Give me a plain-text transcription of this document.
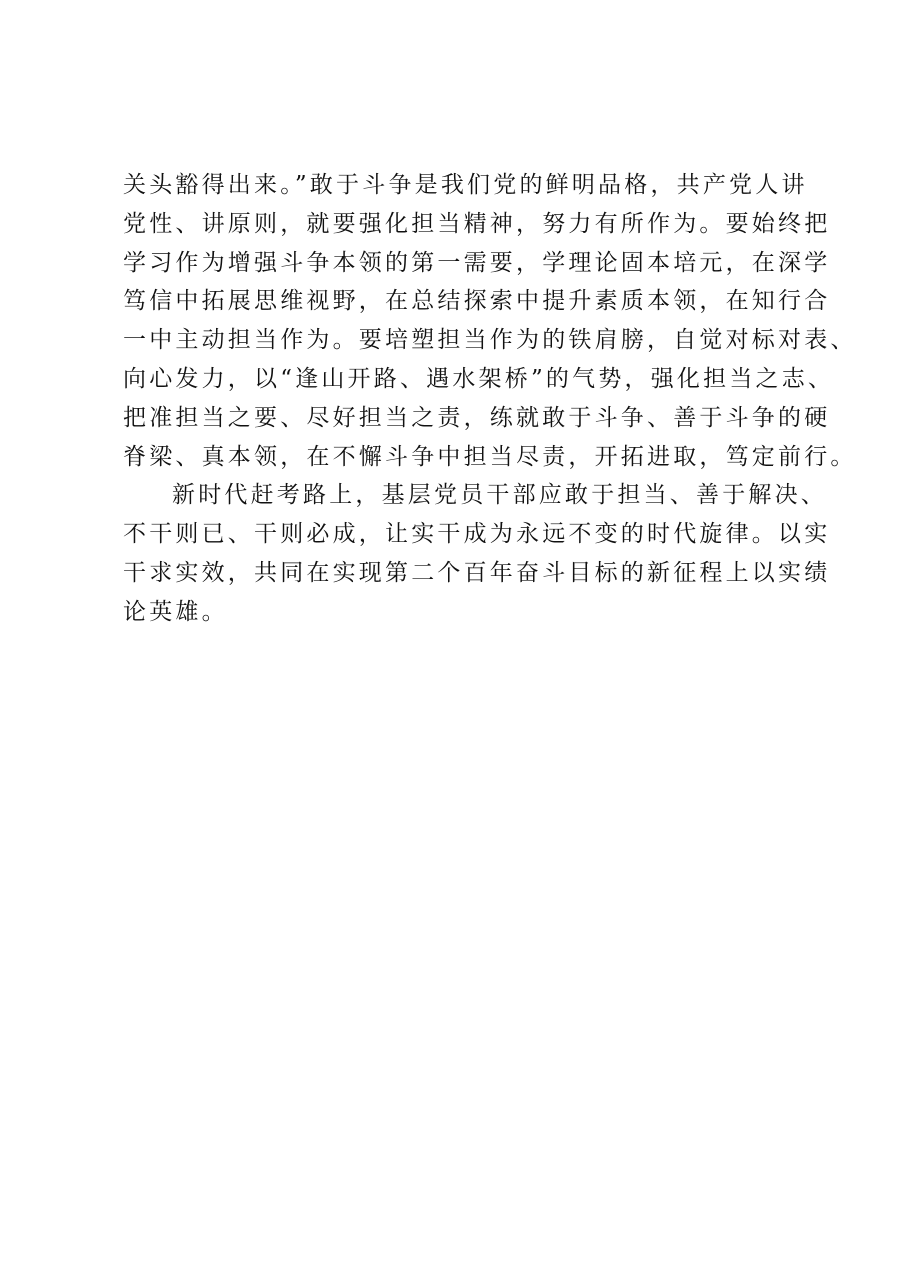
关头豁得出来。”敢于斗争是我们党的鲜明品格，共产党人讲
党性、讲原则，就要强化担当精神，努力有所作为。要始终把
学习作为增强斗争本领的第一需要，学理论固本培元，在深学
笃信中拓展思维视野，在总结探索中提升素质本领，在知行合
一中主动担当作为。要培塑担当作为的铁肩膀，自觉对标对表、
向心发力，以“逢山开路、遇水架桥”的气势，强化担当之志、
把准担当之要、尽好担当之责，练就敢于斗争、善于斗争的硬
脊梁、真本领，在不懈斗争中担当尽责，开拓进取，笃定前行。
新时代赶考路上，基层党员干部应敢于担当、善于解决、
不干则已、干则必成，让实干成为永远不变的时代旋律。以实
干求实效，共同在实现第二个百年奋斗目标的新征程上以实绩
论英雄。
